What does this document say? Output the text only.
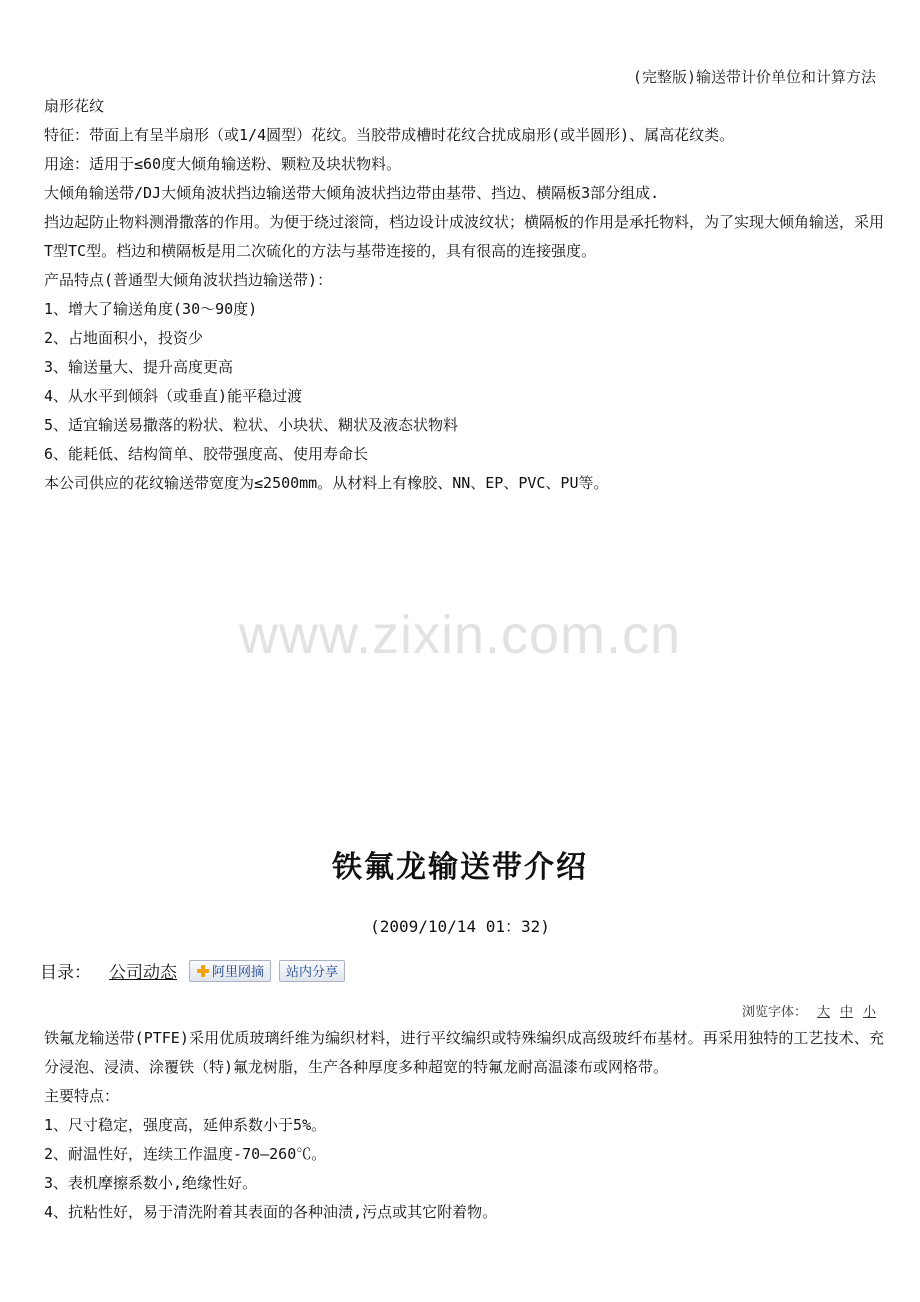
(完整版)输送带计价单位和计算方法

扇形花纹

特征：带面上有呈半扇形（或1/4圆型）花纹。当胶带成槽时花纹合扰成扇形(或半圆形)、属高花纹类。

用途：适用于≤60度大倾角输送粉、颗粒及块状物料。

大倾角输送带/DJ大倾角波状挡边输送带大倾角波状挡边带由基带、挡边、横隔板3部分组成.

挡边起防止物料测滑撒落的作用。为便于绕过滚筒，档边设计成波纹状；横隔板的作用是承托物料，为了实现大倾角输送，采用T型TC型。档边和横隔板是用二次硫化的方法与基带连接的，具有很高的连接强度。

产品特点(普通型大倾角波状挡边输送带)：

1、增大了输送角度(30～90度)

2、占地面积小，投资少

3、输送量大、提升高度更高

4、从水平到倾斜（或垂直)能平稳过渡

5、适宜输送易撒落的粉状、粒状、小块状、糊状及液态状物料

6、能耗低、结构简单、胶带强度高、使用寿命长

本公司供应的花纹输送带宽度为≤2500mm。从材料上有橡胶、NN、EP、PVC、PU等。

www.zixin.com.cn
铁氟龙输送带介绍
(2009/10/14 01：32)
目录： 公司动态	阿里网摘 站内分享
浏览字体： 大 中 小

铁氟龙输送带(PTFE)采用优质玻璃纤维为编织材料，进行平纹编织或特殊编织成高级玻纤布基材。再采用独特的工艺技术、充分浸泡、浸渍、涂覆铁（特)氟龙树脂，生产各种厚度多种超宽的特氟龙耐高温漆布或网格带。

主要特点：

1、尺寸稳定，强度高，延伸系数小于5%。

2、耐温性好，连续工作温度-70—260℃。

3、表机摩擦系数小,绝缘性好。

4、抗粘性好，易于清洗附着其表面的各种油渍,污点或其它附着物。
